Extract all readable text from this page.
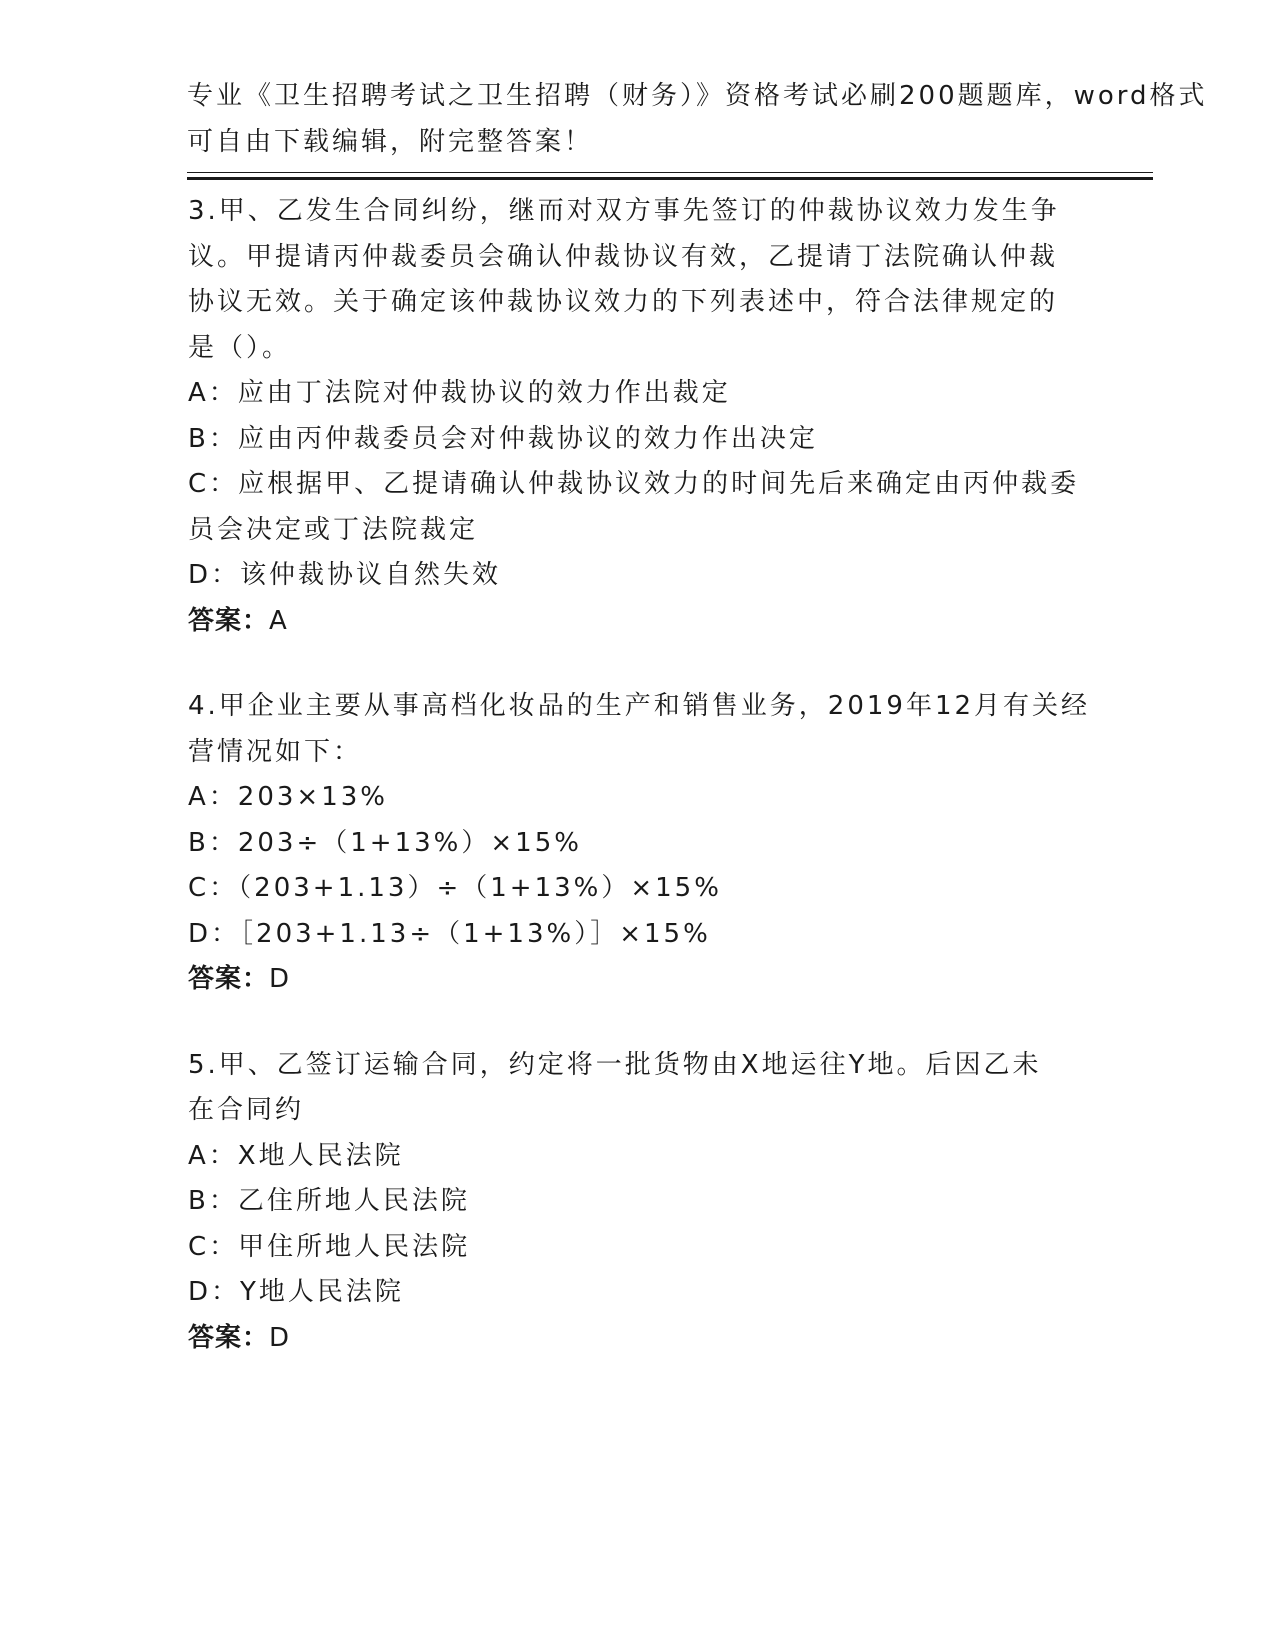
专业《卫生招聘考试之卫生招聘（财务）》资格考试必刷200题题库，word格式
可自由下载编辑，附完整答案！
3.甲、乙发生合同纠纷，继而对双方事先签订的仲裁协议效力发生争
议。甲提请丙仲裁委员会确认仲裁协议有效，乙提请丁法院确认仲裁
协议无效。关于确定该仲裁协议效力的下列表述中，符合法律规定的
是（）。
A：应由丁法院对仲裁协议的效力作出裁定
B：应由丙仲裁委员会对仲裁协议的效力作出决定
C：应根据甲、乙提请确认仲裁协议效力的时间先后来确定由丙仲裁委
员会决定或丁法院裁定
D：该仲裁协议自然失效
答案：A
4.甲企业主要从事高档化妆品的生产和销售业务，2019年12月有关经
营情况如下：
A：203×13%
B：203÷（1+13%）×15%
C：（203+1.13）÷（1+13%）×15%
D：［203+1.13÷（1+13%）］×15%
答案：D
5.甲、乙签订运输合同，约定将一批货物由X地运往Y地。后因乙未
在合同约
A：X地人民法院
B：乙住所地人民法院
C：甲住所地人民法院
D：Y地人民法院
答案：D
